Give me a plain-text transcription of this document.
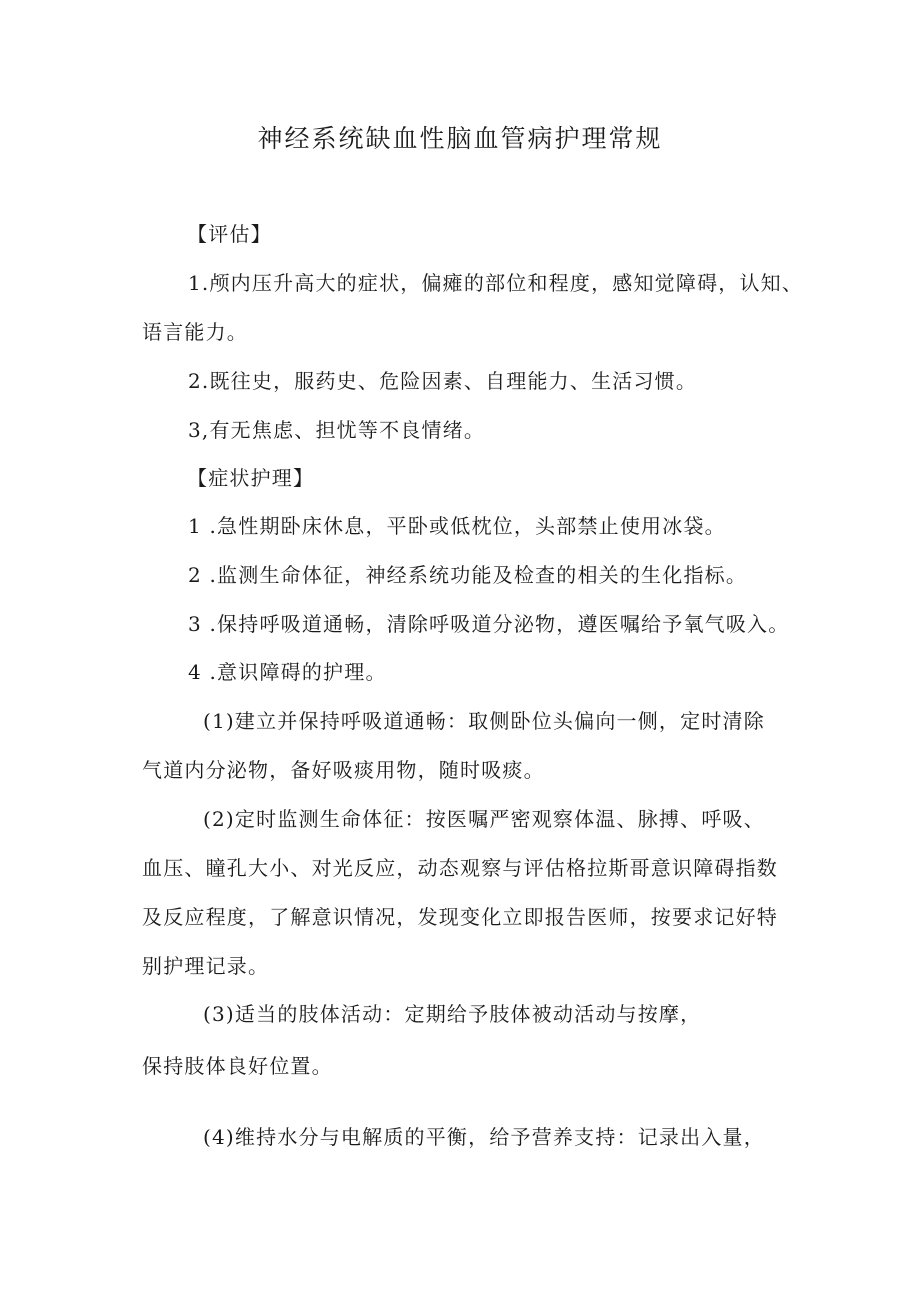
神经系统缺血性脑血管病护理常规
【评估】
1.颅内压升高大的症状，偏瘫的部位和程度，感知觉障碍，认知、
语言能力。
2.既往史，服药史、危险因素、自理能力、生活习惯。
3,有无焦虑、担忧等不良情绪。
【症状护理】
1 .急性期卧床休息，平卧或低枕位，头部禁止使用冰袋。
2 .监测生命体征，神经系统功能及检查的相关的生化指标。
3 .保持呼吸道通畅，清除呼吸道分泌物，遵医嘱给予氧气吸入。
4 .意识障碍的护理。
(1)建立并保持呼吸道通畅：取侧卧位头偏向一侧，定时清除
气道内分泌物，备好吸痰用物，随时吸痰。
(2)定时监测生命体征：按医嘱严密观察体温、脉搏、呼吸、
血压、瞳孔大小、对光反应，动态观察与评估格拉斯哥意识障碍指数
及反应程度，了解意识情况，发现变化立即报告医师，按要求记好特
别护理记录。
(3)适当的肢体活动：定期给予肢体被动活动与按摩，
保持肢体良好位置。
(4)维持水分与电解质的平衡，给予营养支持：记录出入量，
